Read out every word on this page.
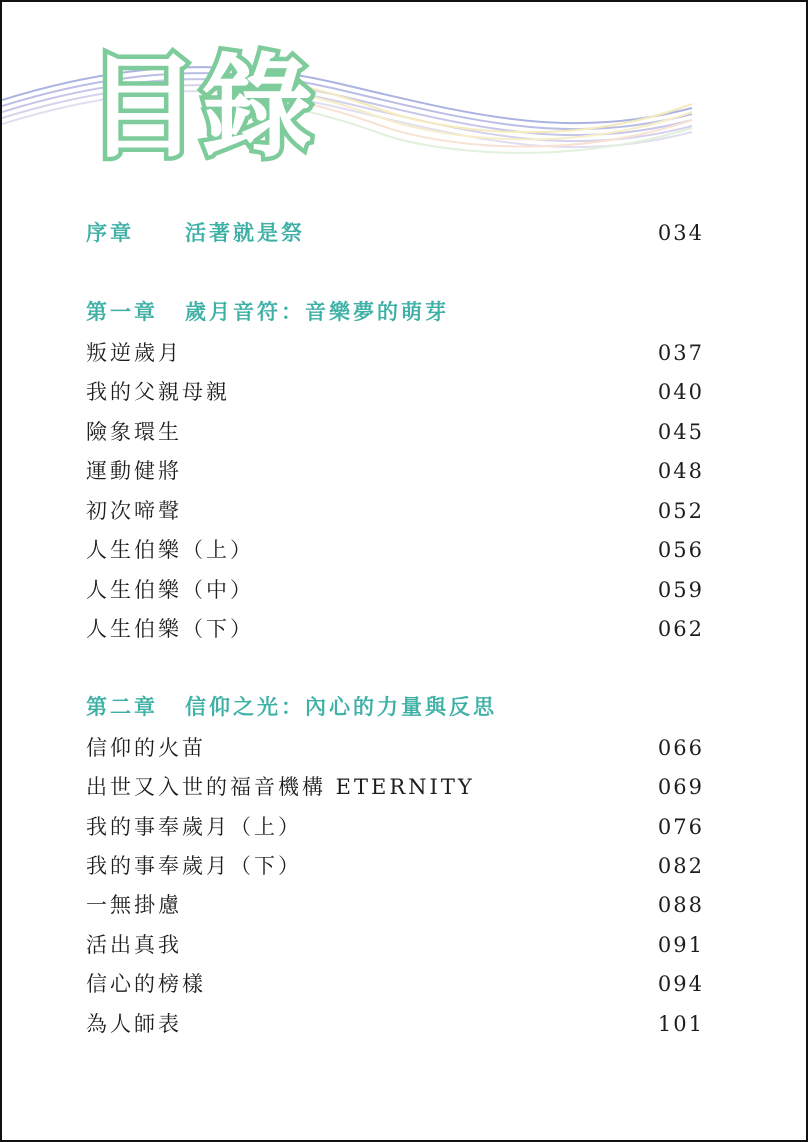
目錄
序章 活著就是祭	034
第一章 歲月音符：音樂夢的萌芽
叛逆歲月	037
我的父親母親	040
險象環生	045
運動健將	048
初次啼聲	052
人生伯樂（上）	056
人生伯樂（中）	059
人生伯樂（下）	062
第二章 信仰之光：內心的力量與反思
信仰的火苗	066
出世又入世的福音機構 ETERNITY	069
我的事奉歲月（上）	076
我的事奉歲月（下）	082
一無掛慮	088
活出真我	091
信心的榜樣	094
為人師表	101
